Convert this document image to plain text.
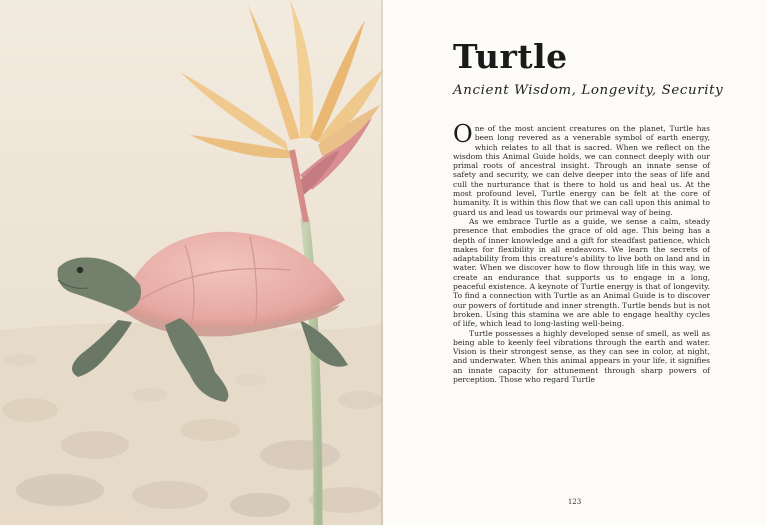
Turtle
Ancient Wisdom, Longevity, Security

One of the most ancient creatures on the planet, Turtle has been long revered as a venerable symbol of earth energy, which relates to all that is sacred. When we reflect on the wisdom this Animal Guide holds, we can connect deeply with our primal roots of ancestral insight. Through an innate sense of safety and security, we can delve deeper into the seas of life and cull the nurturance that is there to hold us and heal us. At the most profound level, Turtle energy can be felt at the core of humanity. It is within this flow that we can call upon this animal to guard us and lead us towards our primeval way of being.

As we embrace Turtle as a guide, we sense a calm, steady presence that embodies the grace of old age. This being has a depth of inner knowledge and a gift for steadfast patience, which makes for flexibility in all endeavors. We learn the secrets of adaptability from this creature's ability to live both on land and in water. When we discover how to flow through life in this way, we create an endurance that supports us to engage in a long, peaceful existence. A keynote of Turtle energy is that of longevity. To find a connection with Turtle as an Animal Guide is to discover our powers of fortitude and inner strength. Turtle bends but is not broken. Using this stamina we are able to engage healthy cycles of life, which lead to long-lasting well-being.

Turtle possesses a highly developed sense of smell, as well as being able to keenly feel vibrations through the earth and water. Vision is their strongest sense, as they can see in color, at night, and underwater. When this animal appears in your life, it signifies an innate capacity for attunement through sharp powers of perception. Those who regard Turtle

123
